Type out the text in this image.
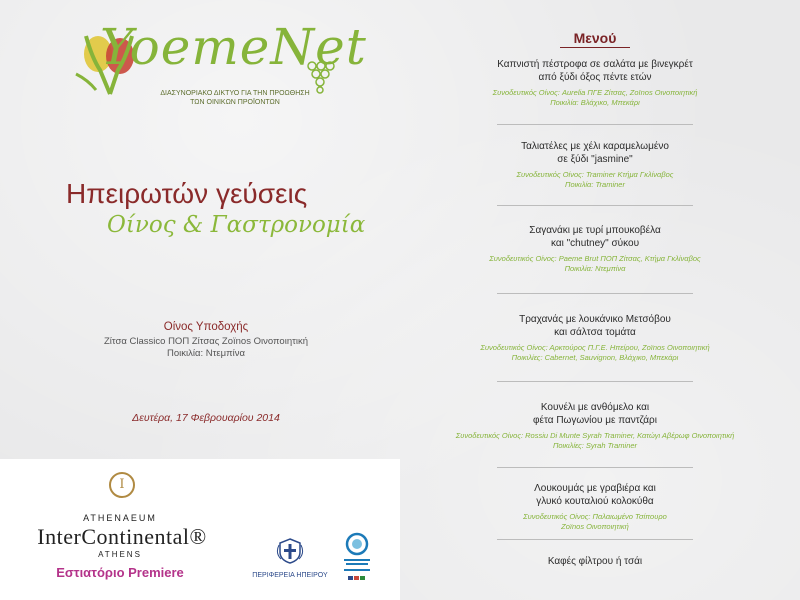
YoemeNet
ΔΙΑΣΥΝΟΡΙΑΚΟ ΔΙΚΤΥΟ ΓΙΑ ΤΗΝ ΠΡΟΩΘΗΣΗ
ΤΩΝ ΟΙΝΙΚΩΝ ΠΡΟΪΟΝΤΩΝ
Ηπειρωτών γεύσεις
Οίνος & Γαστρονομία
Οίνος Υποδοχής
Ζίτσα Classico ΠΟΠ Ζίτσας Zoïnos Οινοποιητική
Ποικιλία: Ντεμπίνα
Δευτέρα, 17 Φεβρουαρίου 2014
I
ATHENAEUM
InterContinental®
ATHENS
Εστιατόριο Premiere	ΠΕΡΙΦΕΡΕΙΑ ΗΠΕΙΡΟΥ
Μενού
Καπνιστή πέστροφα σε σαλάτα με βινεγκρέτ
από ξύδι όξος πέντε ετών
Συνοδευτικός Οίνος: Aurelia ΠΓΕ Ζίτσας, Zoïnos Οινοποιητική
Ποικιλία: Βλάχικο, Μπεκάρι
Ταλιατέλες με χέλι καραμελωμένο
σε ξύδι "jasmine"
Συνοδευτικός Οίνος: Traminer Κτήμα Γκλίναβος
Ποικιλία: Traminer
Σαγανάκι με τυρί μπουκοβέλα
και "chutney" σύκου
Συνοδευτικός Οίνος: Paeme Brut ΠΟΠ Ζίτσας, Κτήμα Γκλίναβος
Ποικιλία: Ντεμπίνα
Τραχανάς με λουκάνικο Μετσόβου
και σάλτσα τομάτα
Συνοδευτικός Οίνος: Αρκτούρος Π.Γ.Ε. Ηπείρου, Zoïnos Οινοποιητική
Ποικιλίες: Cabernet, Sauvignon, Βλάχικο, Μπεκάρι
Κουνέλι με ανθόμελο και
φέτα Πωγωνίου με παντζάρι
Συνοδευτικός Οίνος: Rossiu Di Munte Syrah Traminer, Κατώγι Αβέρωφ Οινοποιητική
Ποικιλίες: Syrah Traminer
Λουκουμάς με γραβιέρα και
γλυκό κουταλιού κολοκύθα
Συνοδευτικός Οίνος: Παλαιωμένο Τσίπουρο
Zoïnos Οινοποιητική
Καφές φίλτρου ή τσάι
